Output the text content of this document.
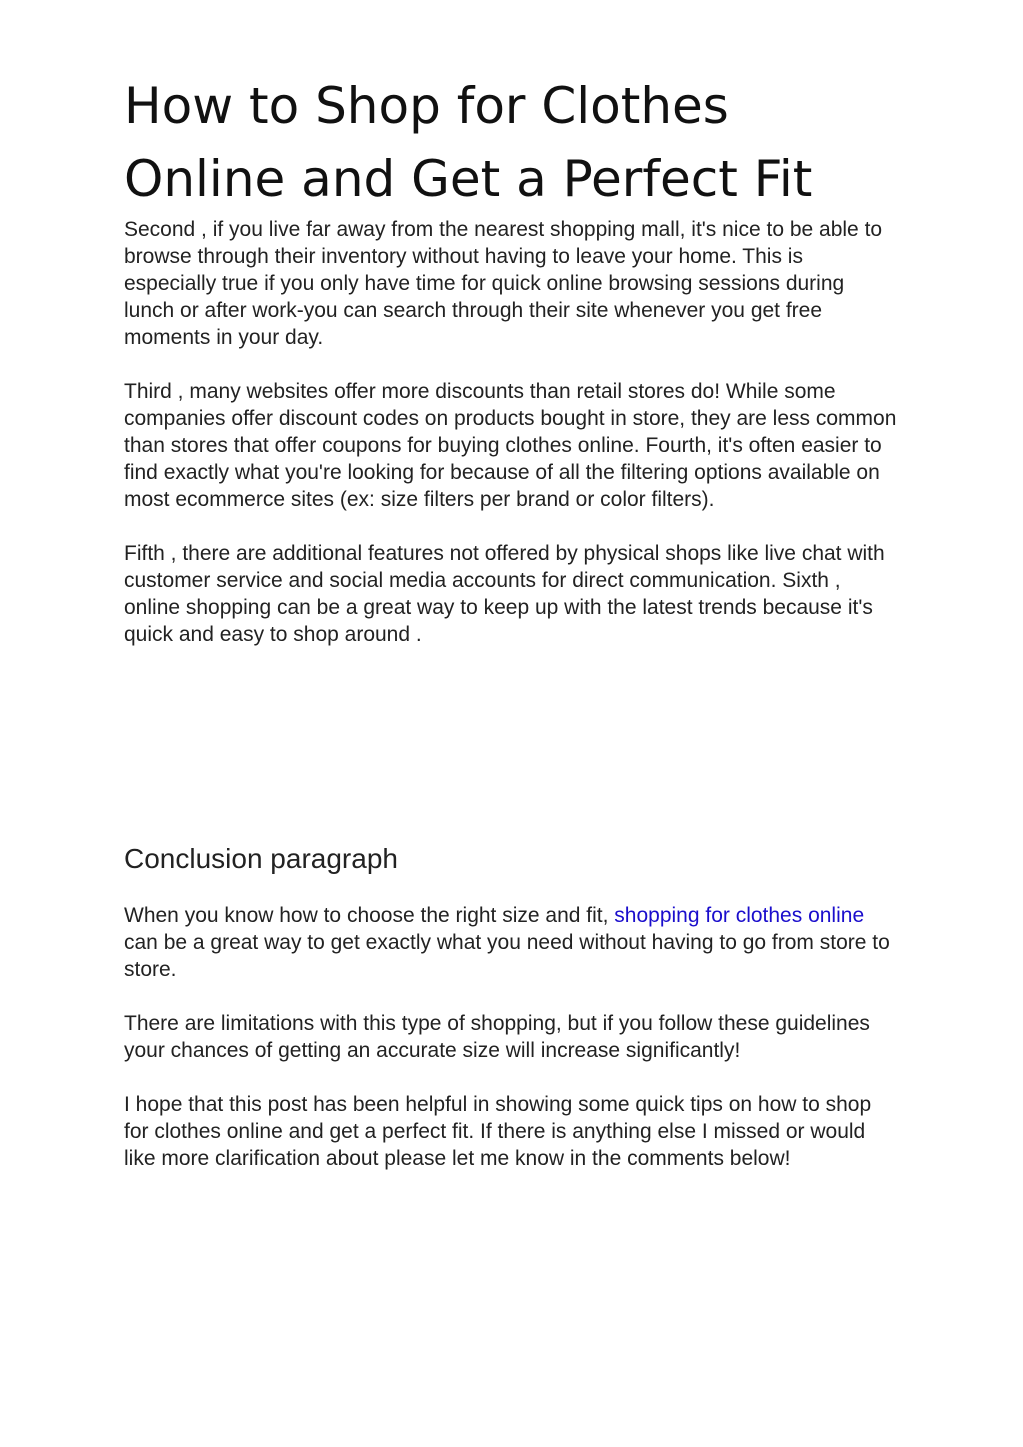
How to Shop for Clothes Online and Get a Perfect Fit

Second , if you live far away from the nearest shopping mall, it's nice to be able to browse through their inventory without having to leave your home. This is especially true if you only have time for quick online browsing sessions during lunch or after work-you can search through their site whenever you get free moments in your day.

Third , many websites offer more discounts than retail stores do! While some companies offer discount codes on products bought in store, they are less common than stores that offer coupons for buying clothes online. Fourth, it's often easier to find exactly what you're looking for because of all the filtering options available on most ecommerce sites (ex: size filters per brand or color filters).

Fifth , there are additional features not offered by physical shops like live chat with customer service and social media accounts for direct communication. Sixth , online shopping can be a great way to keep up with the latest trends because it's quick and easy to shop around .

Conclusion paragraph

When you know how to choose the right size and fit, shopping for clothes online can be a great way to get exactly what you need without having to go from store to store.

There are limitations with this type of shopping, but if you follow these guidelines your chances of getting an accurate size will increase significantly!

I hope that this post has been helpful in showing some quick tips on how to shop for clothes online and get a perfect fit. If there is anything else I missed or would like more clarification about please let me know in the comments below!
